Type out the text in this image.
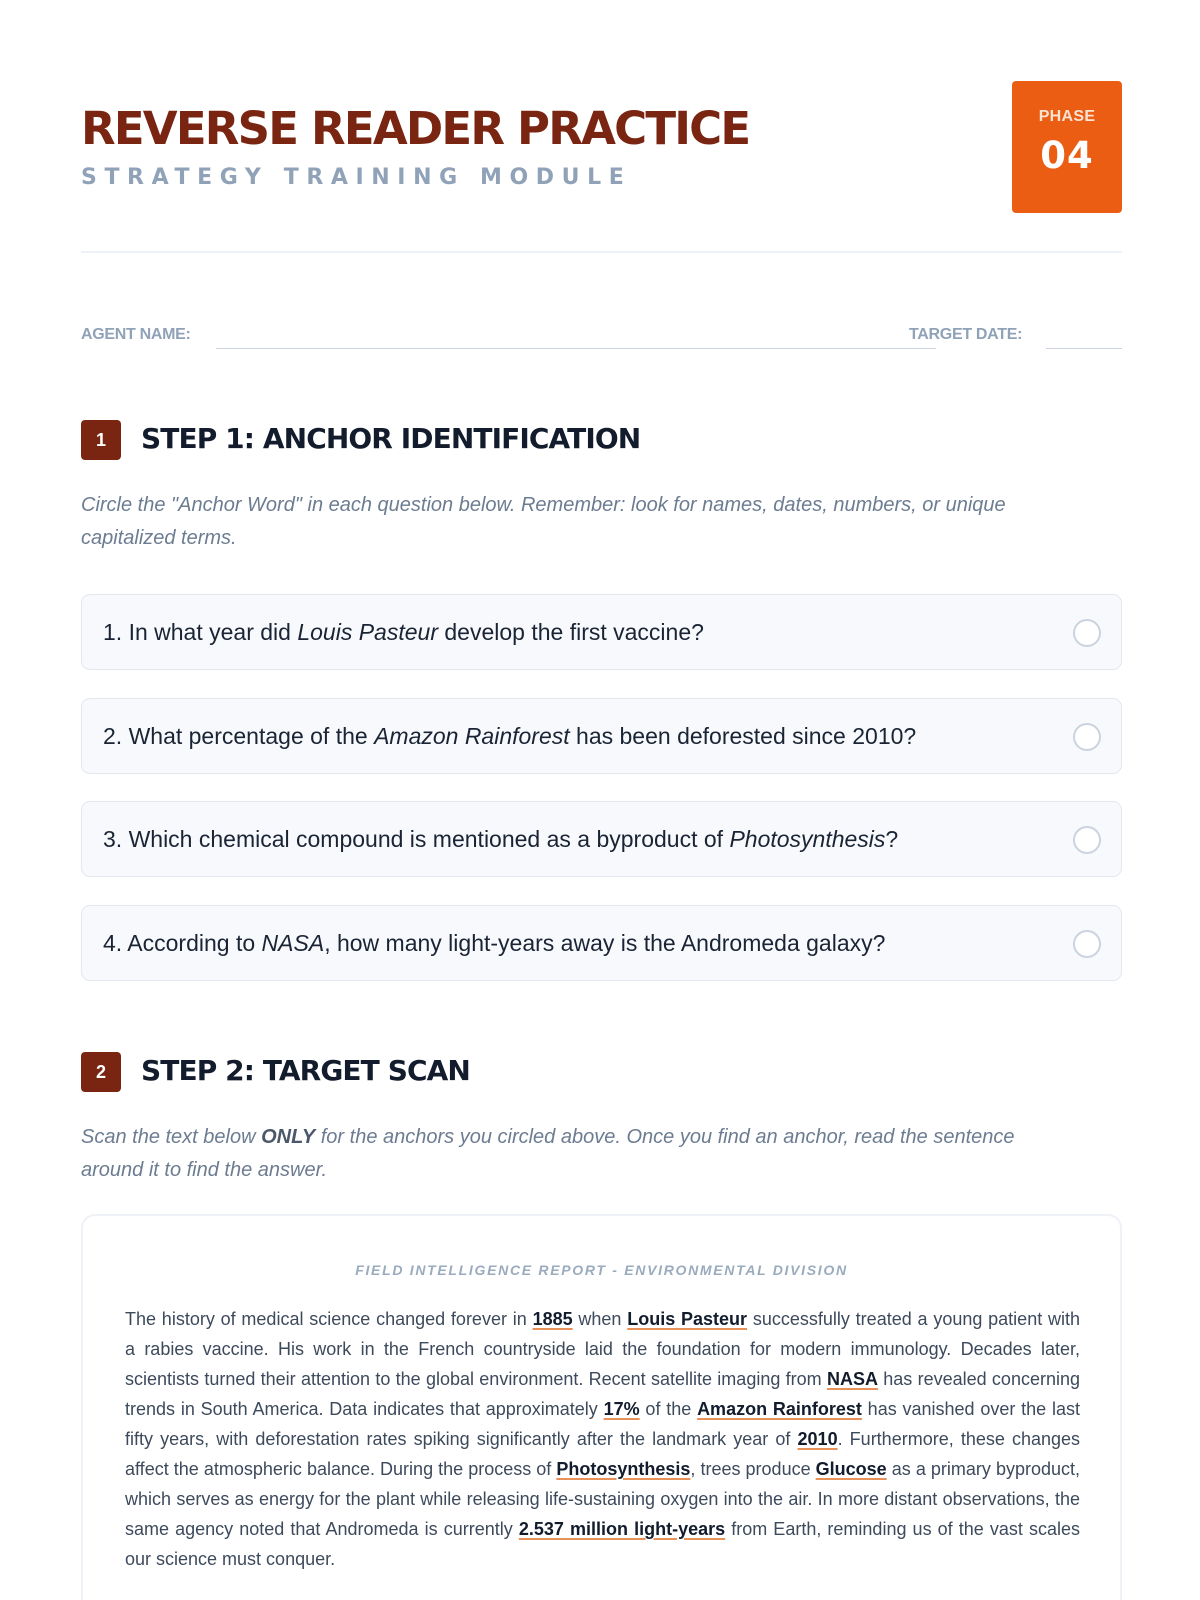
REVERSE READER PRACTICE
STRATEGY TRAINING MODULE
PHASE
04
AGENT NAME:	TARGET DATE:
1	STEP 1: ANCHOR IDENTIFICATION
Circle the "Anchor Word" in each question below. Remember: look for names, dates, numbers, or unique capitalized terms.
1. In what year did Louis Pasteur develop the first vaccine?
2. What percentage of the Amazon Rainforest has been deforested since 2010?
3. Which chemical compound is mentioned as a byproduct of Photosynthesis?
4. According to NASA, how many light-years away is the Andromeda galaxy?
2	STEP 2: TARGET SCAN
Scan the text below ONLY for the anchors you circled above. Once you find an anchor, read the sentence around it to find the answer.
FIELD INTELLIGENCE REPORT - ENVIRONMENTAL DIVISION
The history of medical science changed forever in 1885 when Louis Pasteur successfully treated a young patient with a rabies vaccine. His work in the French countryside laid the foundation for modern immunology. Decades later, scientists turned their attention to the global environment. Recent satellite imaging from NASA has revealed concerning trends in South America. Data indicates that approximately 17% of the Amazon Rainforest has vanished over the last fifty years, with deforestation rates spiking significantly after the landmark year of 2010. Furthermore, these changes affect the atmospheric balance. During the process of Photosynthesis, trees produce Glucose as a primary byproduct, which serves as energy for the plant while releasing life-sustaining oxygen into the air. In more distant observations, the same agency noted that Andromeda is currently 2.537 million light-years from Earth, reminding us of the vast scales our science must conquer.
